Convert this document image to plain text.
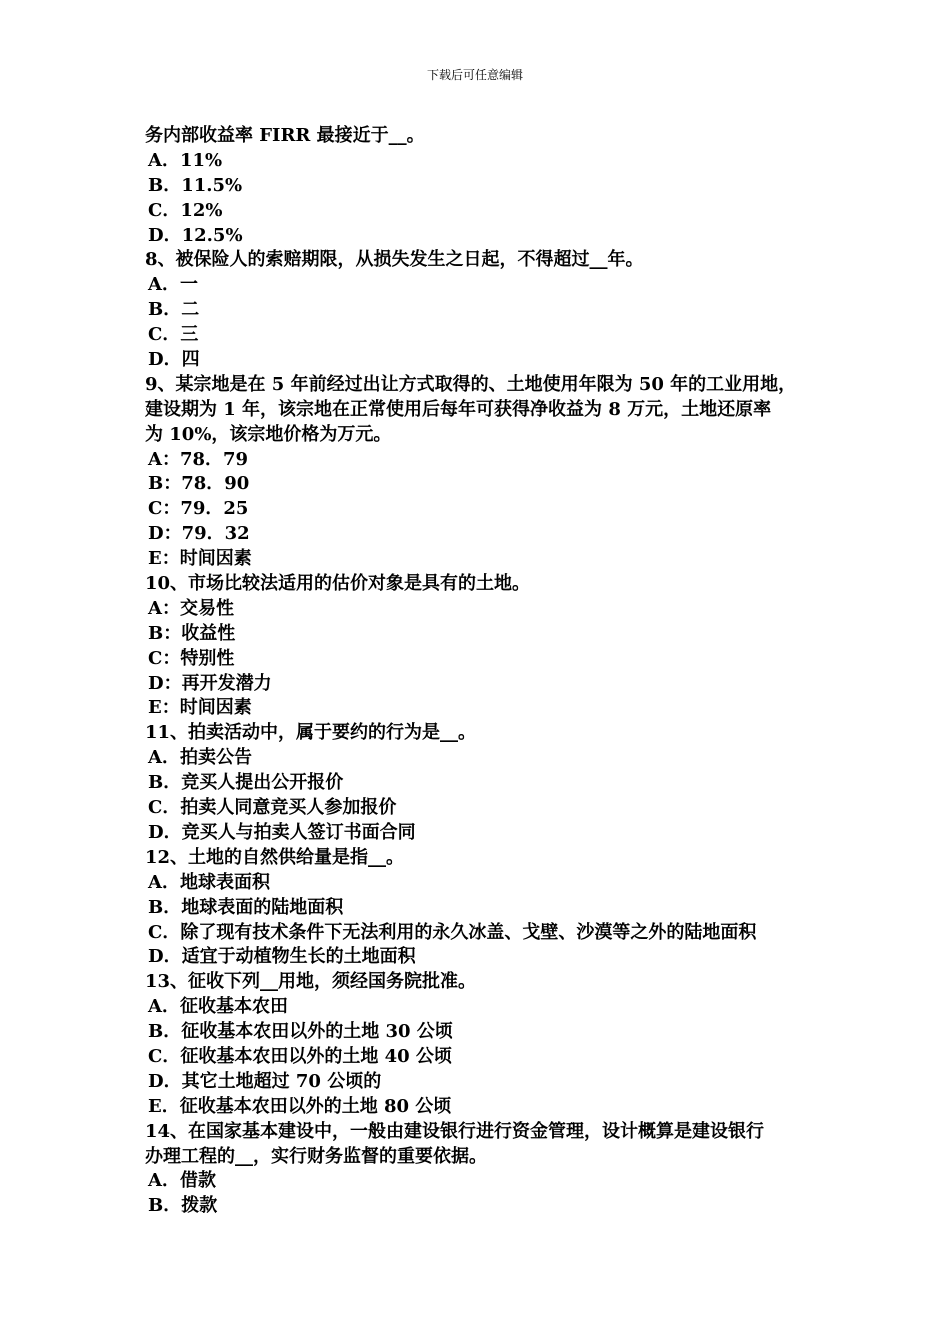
下载后可任意编辑
务内部收益率 FIRR 最接近于__。
A．11%
B．11.5%
C．12%
D．12.5%
8、被保险人的索赔期限，从损失发生之日起，不得超过__年。
A．一
B．二
C．三
D．四
9、某宗地是在 5 年前经过出让方式取得的、土地使用年限为 50 年的工业用地，
建设期为 1 年，该宗地在正常使用后每年可获得净收益为 8 万元，土地还原率
为 10%，该宗地价格为万元。
A：78．79
B：78．90
C：79．25
D：79．32
E：时间因素
10、市场比较法适用的估价对象是具有的土地。
A：交易性
B：收益性
C：特别性
D：再开发潜力
E：时间因素
11、拍卖活动中，属于要约的行为是__。
A．拍卖公告
B．竞买人提出公开报价
C．拍卖人同意竞买人参加报价
D．竞买人与拍卖人签订书面合同
12、土地的自然供给量是指__。
A．地球表面积
B．地球表面的陆地面积
C．除了现有技术条件下无法利用的永久冰盖、戈壁、沙漠等之外的陆地面积
D．适宜于动植物生长的土地面积
13、征收下列__用地，须经国务院批准。
A．征收基本农田
B．征收基本农田以外的土地 30 公顷
C．征收基本农田以外的土地 40 公顷
D．其它土地超过 70 公顷的
E．征收基本农田以外的土地 80 公顷
14、在国家基本建设中，一般由建设银行进行资金管理，设计概算是建设银行
办理工程的__，实行财务监督的重要依据。
A．借款
B．拨款
